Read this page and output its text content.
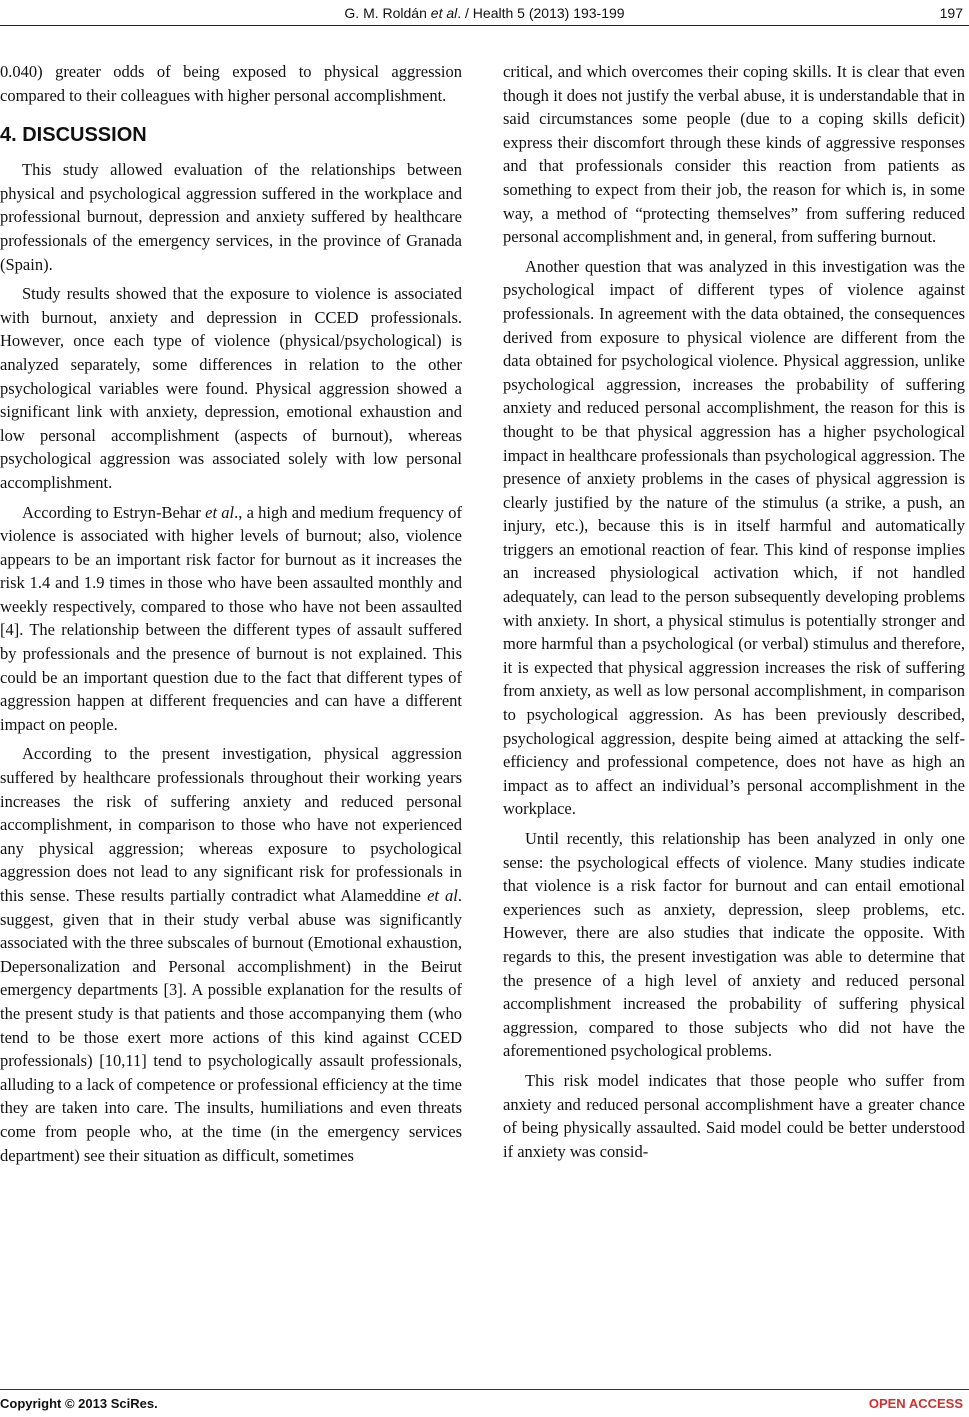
G. M. Roldán et al. / Health 5 (2013) 193-199	197

0.040) greater odds of being exposed to physical aggression compared to their colleagues with higher personal accomplishment.

4. DISCUSSION

This study allowed evaluation of the relationships between physical and psychological aggression suffered in the workplace and professional burnout, depression and anxiety suffered by healthcare professionals of the emergency services, in the province of Granada (Spain).

Study results showed that the exposure to violence is associated with burnout, anxiety and depression in CCED professionals. However, once each type of violence (physical/psychological) is analyzed separately, some differences in relation to the other psychological variables were found. Physical aggression showed a significant link with anxiety, depression, emotional exhaustion and low personal accomplishment (aspects of burnout), whereas psychological aggression was associated solely with low personal accomplishment.

According to Estryn-Behar et al., a high and medium frequency of violence is associated with higher levels of burnout; also, violence appears to be an important risk factor for burnout as it increases the risk 1.4 and 1.9 times in those who have been assaulted monthly and weekly respectively, compared to those who have not been assaulted [4]. The relationship between the different types of assault suffered by professionals and the presence of burnout is not explained. This could be an important question due to the fact that different types of aggression happen at different frequencies and can have a different impact on people.

According to the present investigation, physical aggression suffered by healthcare professionals throughout their working years increases the risk of suffering anxiety and reduced personal accomplishment, in comparison to those who have not experienced any physical aggression; whereas exposure to psychological aggression does not lead to any significant risk for professionals in this sense. These results partially contradict what Alameddine et al. suggest, given that in their study verbal abuse was significantly associated with the three subscales of burnout (Emotional exhaustion, Depersonalization and Personal accomplishment) in the Beirut emergency departments [3]. A possible explanation for the results of the present study is that patients and those accompanying them (who tend to be those exert more actions of this kind against CCED professionals) [10,11] tend to psychologically assault professionals, alluding to a lack of competence or professional efficiency at the time they are taken into care. The insults, humiliations and even threats come from people who, at the time (in the emergency services department) see their situation as difficult, sometimes

critical, and which overcomes their coping skills. It is clear that even though it does not justify the verbal abuse, it is understandable that in said circumstances some people (due to a coping skills deficit) express their discomfort through these kinds of aggressive responses and that professionals consider this reaction from patients as something to expect from their job, the reason for which is, in some way, a method of “protecting themselves” from suffering reduced personal accomplishment and, in general, from suffering burnout.

Another question that was analyzed in this investigation was the psychological impact of different types of violence against professionals. In agreement with the data obtained, the consequences derived from exposure to physical violence are different from the data obtained for psychological violence. Physical aggression, unlike psychological aggression, increases the probability of suffering anxiety and reduced personal accomplishment, the reason for this is thought to be that physical aggression has a higher psychological impact in healthcare professionals than psychological aggression. The presence of anxiety problems in the cases of physical aggression is clearly justified by the nature of the stimulus (a strike, a push, an injury, etc.), because this is in itself harmful and automatically triggers an emotional reaction of fear. This kind of response implies an increased physiological activation which, if not handled adequately, can lead to the person subsequently developing problems with anxiety. In short, a physical stimulus is potentially stronger and more harmful than a psychological (or verbal) stimulus and therefore, it is expected that physical aggression increases the risk of suffering from anxiety, as well as low personal accomplishment, in comparison to psychological aggression. As has been previously described, psychological aggression, despite being aimed at attacking the self-efficiency and professional competence, does not have as high an impact as to affect an individual’s personal accomplishment in the workplace.

Until recently, this relationship has been analyzed in only one sense: the psychological effects of violence. Many studies indicate that violence is a risk factor for burnout and can entail emotional experiences such as anxiety, depression, sleep problems, etc. However, there are also studies that indicate the opposite. With regards to this, the present investigation was able to determine that the presence of a high level of anxiety and reduced personal accomplishment increased the probability of suffering physical aggression, compared to those subjects who did not have the aforementioned psychological problems.

This risk model indicates that those people who suffer from anxiety and reduced personal accomplishment have a greater chance of being physically assaulted. Said model could be better understood if anxiety was consid-

Copyright © 2013 SciRes.	OPEN ACCESS
